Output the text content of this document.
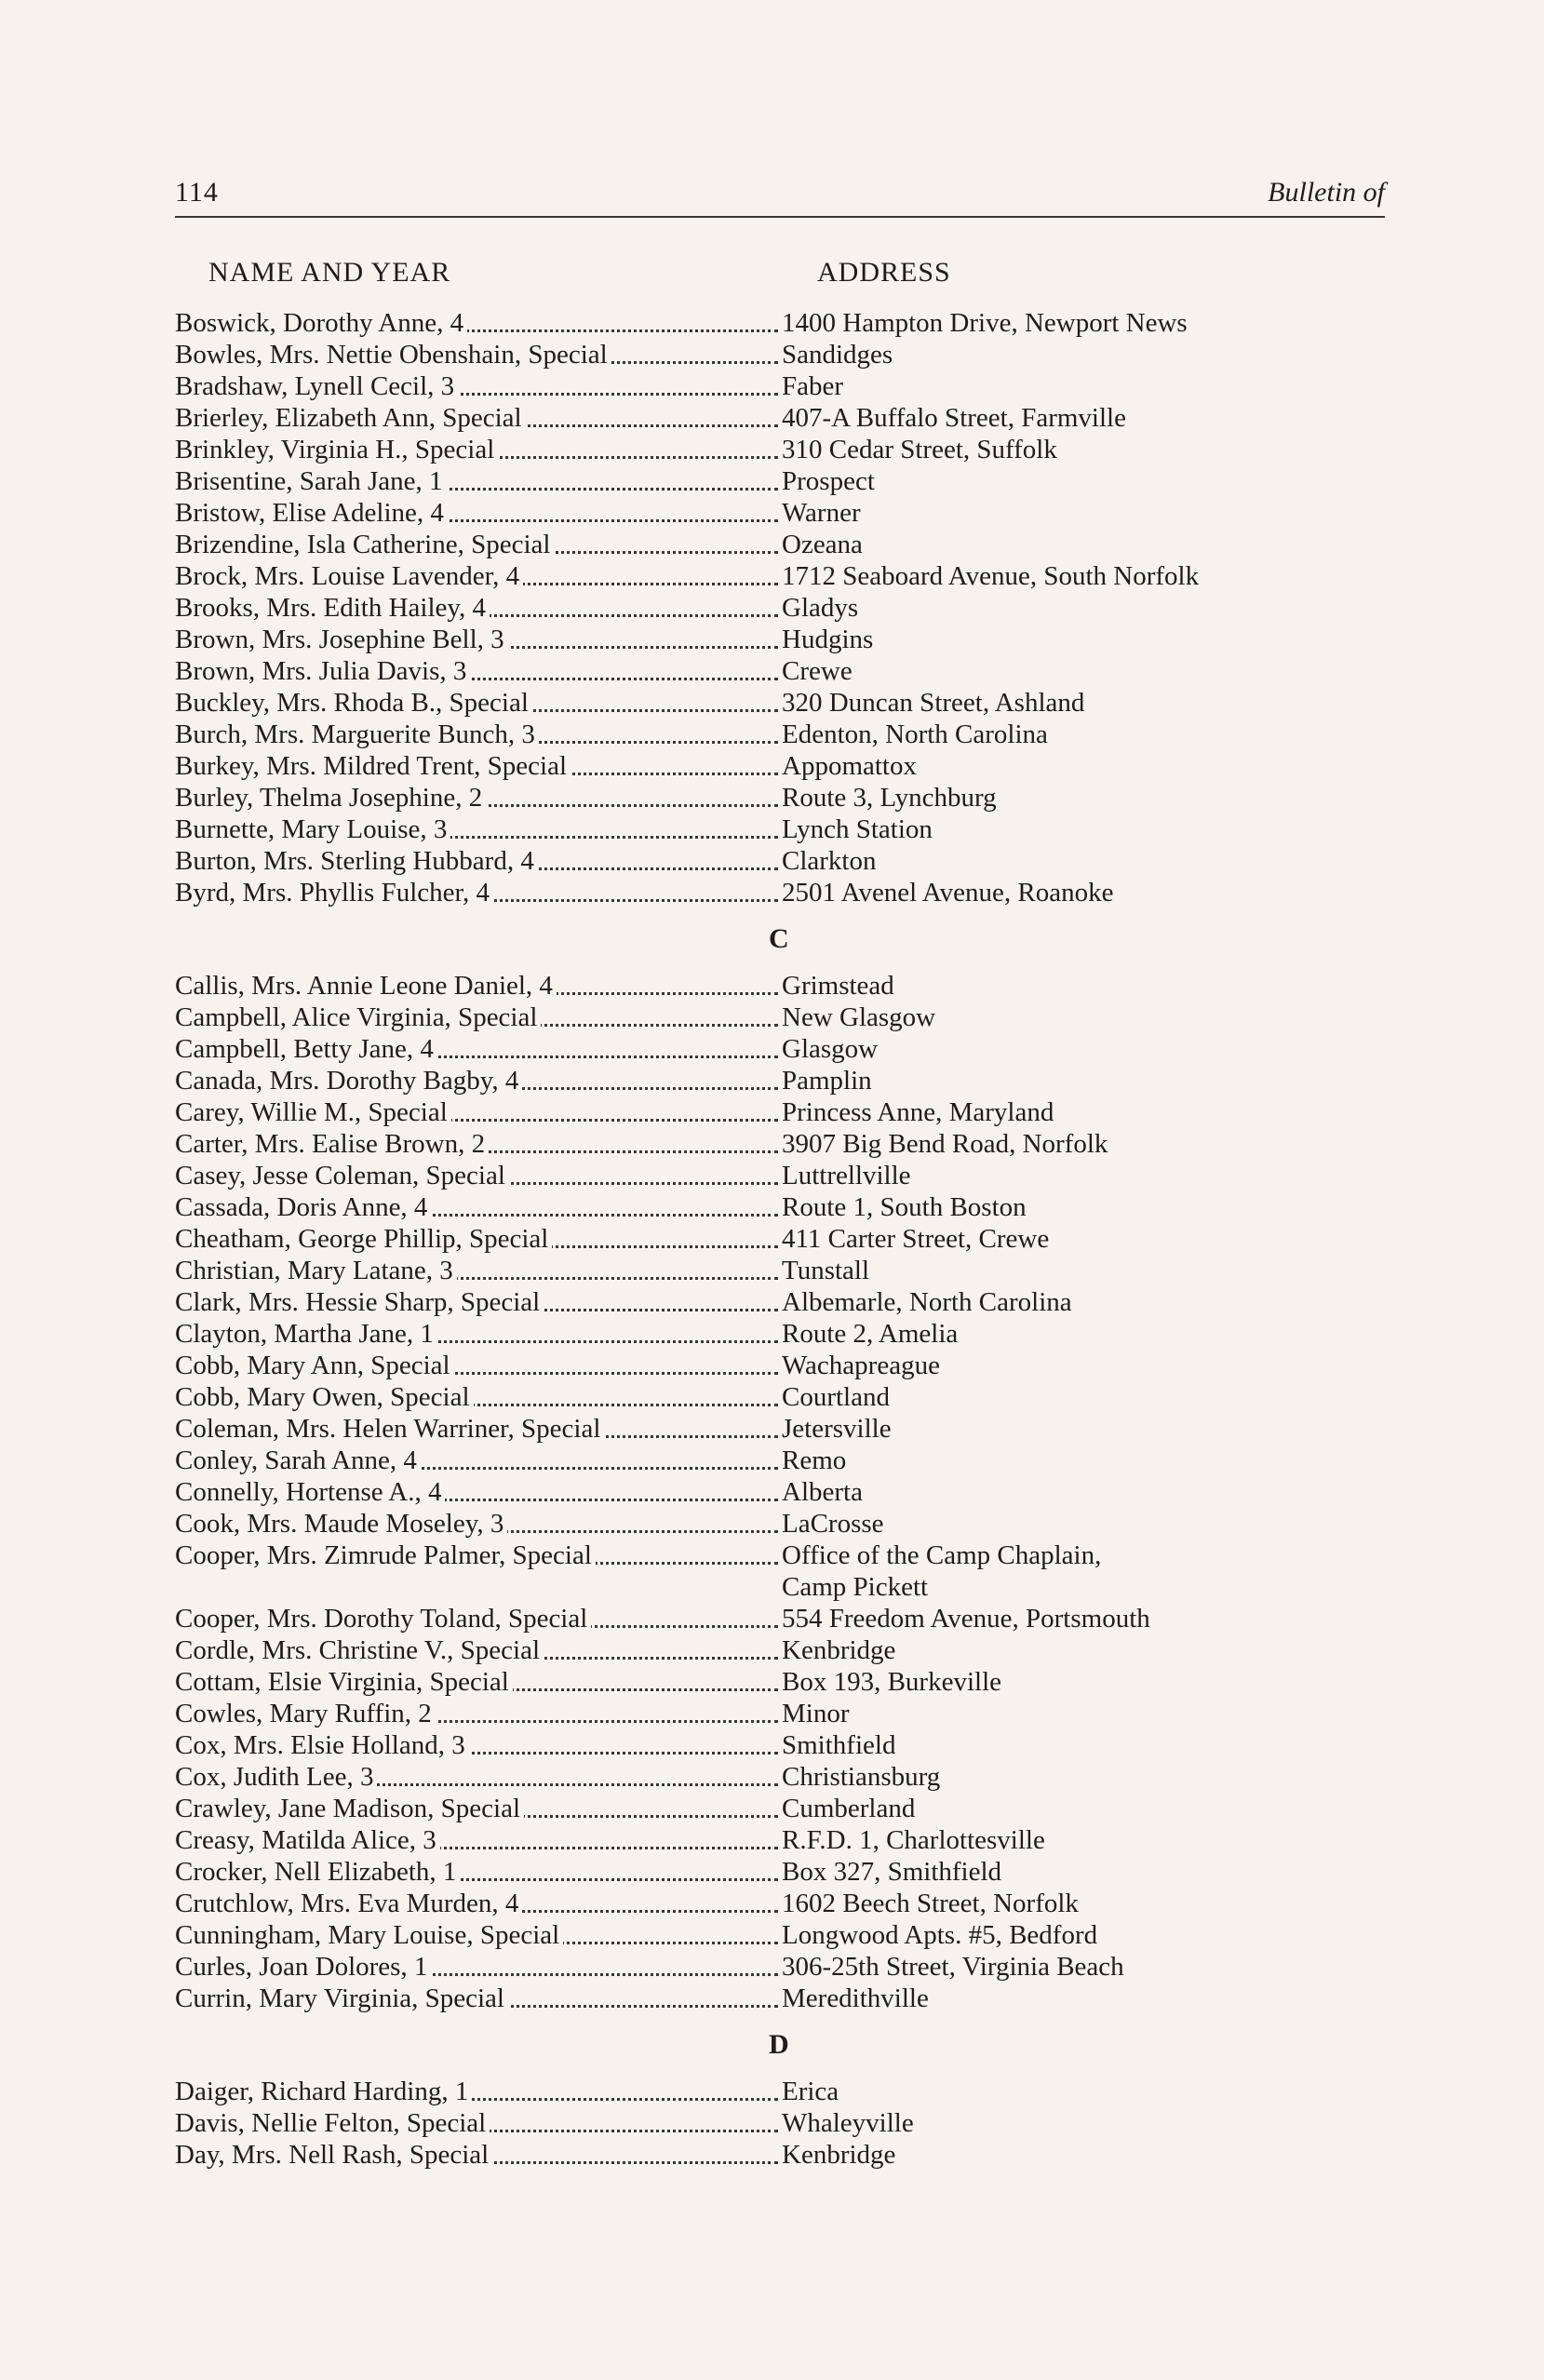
114	Bulletin of
NAME AND YEAR	ADDRESS
Boswick, Dorothy Anne, 4	1400 Hampton Drive, Newport News
Bowles, Mrs. Nettie Obenshain, Special	Sandidges
Bradshaw, Lynell Cecil, 3	Faber
Brierley, Elizabeth Ann, Special	407-A Buffalo Street, Farmville
Brinkley, Virginia H., Special	310 Cedar Street, Suffolk
Brisentine, Sarah Jane, 1	Prospect
Bristow, Elise Adeline, 4	Warner
Brizendine, Isla Catherine, Special	Ozeana
Brock, Mrs. Louise Lavender, 4	1712 Seaboard Avenue, South Norfolk
Brooks, Mrs. Edith Hailey, 4	Gladys
Brown, Mrs. Josephine Bell, 3	Hudgins
Brown, Mrs. Julia Davis, 3	Crewe
Buckley, Mrs. Rhoda B., Special	320 Duncan Street, Ashland
Burch, Mrs. Marguerite Bunch, 3	Edenton, North Carolina
Burkey, Mrs. Mildred Trent, Special	Appomattox
Burley, Thelma Josephine, 2	Route 3, Lynchburg
Burnette, Mary Louise, 3	Lynch Station
Burton, Mrs. Sterling Hubbard, 4	Clarkton
Byrd, Mrs. Phyllis Fulcher, 4	2501 Avenel Avenue, Roanoke
C
Callis, Mrs. Annie Leone Daniel, 4	Grimstead
Campbell, Alice Virginia, Special	New Glasgow
Campbell, Betty Jane, 4	Glasgow
Canada, Mrs. Dorothy Bagby, 4	Pamplin
Carey, Willie M., Special	Princess Anne, Maryland
Carter, Mrs. Ealise Brown, 2	3907 Big Bend Road, Norfolk
Casey, Jesse Coleman, Special	Luttrellville
Cassada, Doris Anne, 4	Route 1, South Boston
Cheatham, George Phillip, Special	411 Carter Street, Crewe
Christian, Mary Latane, 3	Tunstall
Clark, Mrs. Hessie Sharp, Special	Albemarle, North Carolina
Clayton, Martha Jane, 1	Route 2, Amelia
Cobb, Mary Ann, Special	Wachapreague
Cobb, Mary Owen, Special	Courtland
Coleman, Mrs. Helen Warriner, Special	Jetersville
Conley, Sarah Anne, 4	Remo
Connelly, Hortense A., 4	Alberta
Cook, Mrs. Maude Moseley, 3	LaCrosse
Cooper, Mrs. Zimrude Palmer, Special	Office of the Camp Chaplain,
Camp Pickett
Cooper, Mrs. Dorothy Toland, Special	554 Freedom Avenue, Portsmouth
Cordle, Mrs. Christine V., Special	Kenbridge
Cottam, Elsie Virginia, Special	Box 193, Burkeville
Cowles, Mary Ruffin, 2	Minor
Cox, Mrs. Elsie Holland, 3	Smithfield
Cox, Judith Lee, 3	Christiansburg
Crawley, Jane Madison, Special	Cumberland
Creasy, Matilda Alice, 3	R.F.D. 1, Charlottesville
Crocker, Nell Elizabeth, 1	Box 327, Smithfield
Crutchlow, Mrs. Eva Murden, 4	1602 Beech Street, Norfolk
Cunningham, Mary Louise, Special	Longwood Apts. #5, Bedford
Curles, Joan Dolores, 1	306-25th Street, Virginia Beach
Currin, Mary Virginia, Special	Meredithville
D
Daiger, Richard Harding, 1	Erica
Davis, Nellie Felton, Special	Whaleyville
Day, Mrs. Nell Rash, Special	Kenbridge
